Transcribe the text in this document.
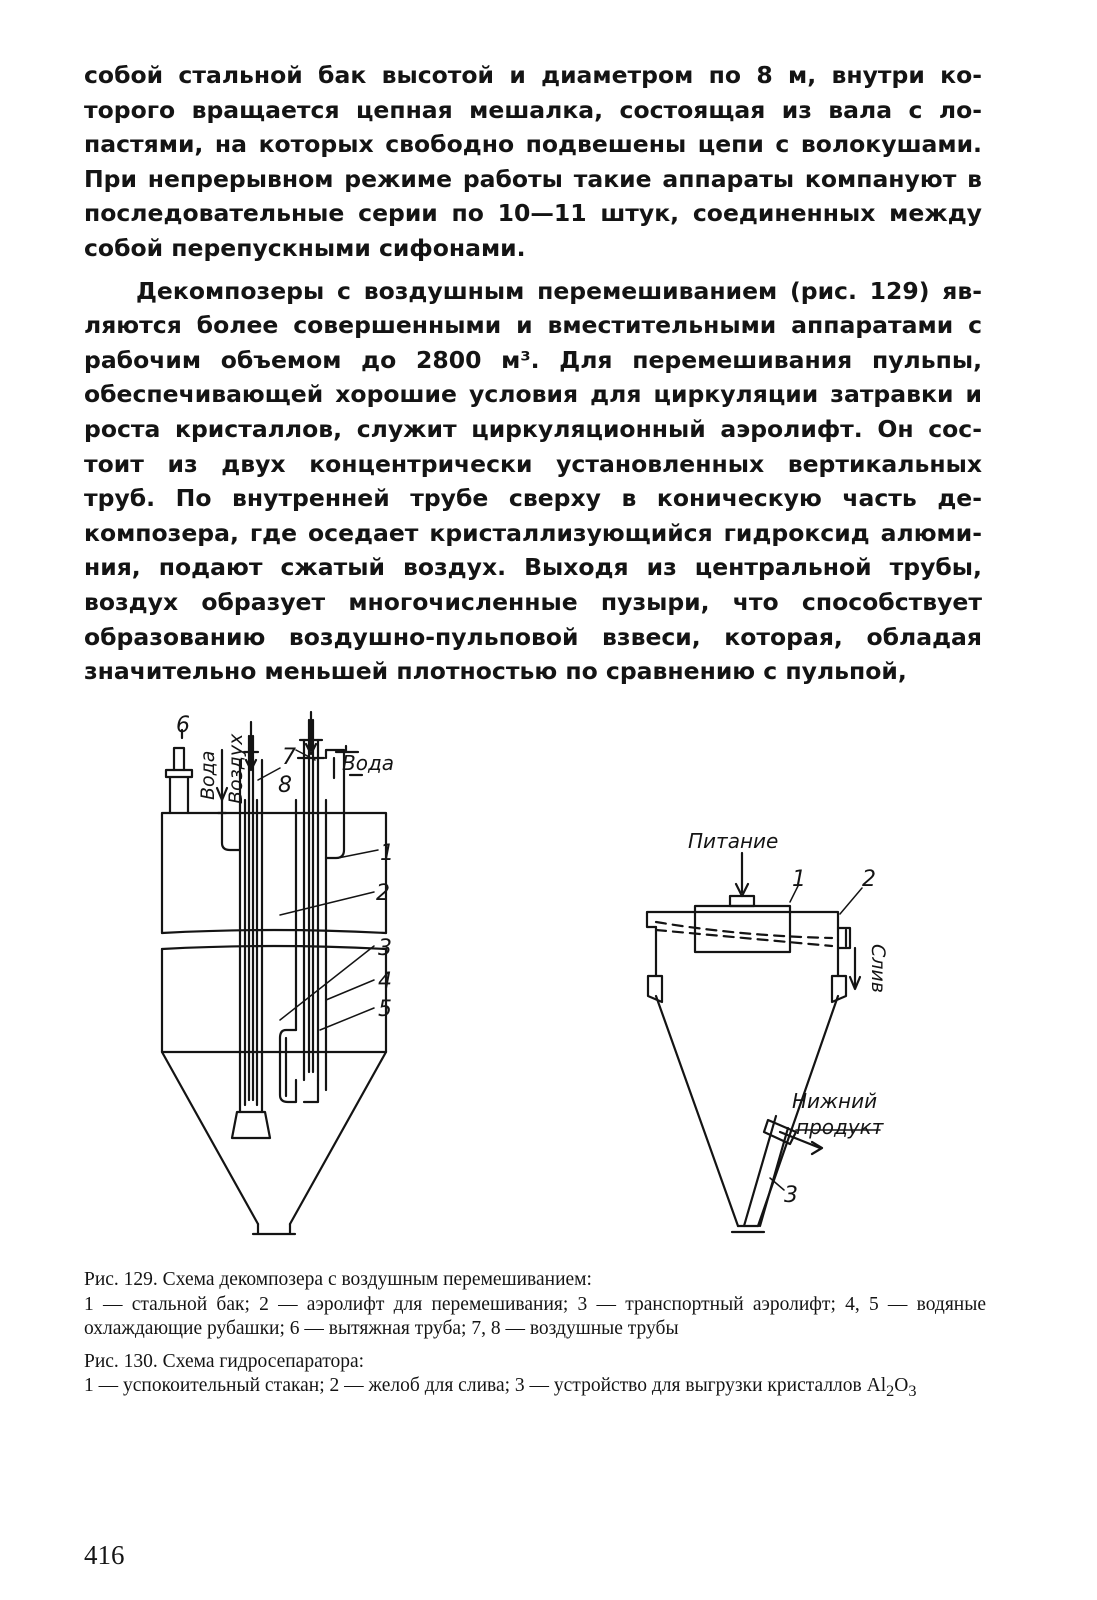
собой стальной бак высотой и диаметром по 8 м, внутри которого вращается цепная мешалка, состоящая из вала с лопастями, на которых свободно подвешены цепи с волокушами. При непрерывном режиме работы такие аппараты компануют в последовательные серии по 10—11 штук, соединенных между собой перепускными сифонами.

Декомпозеры с воздушным перемешиванием (рис. 129) являются более совершенными и вместительными аппаратами с рабочим объемом до 2800 м³. Для перемешивания пульпы, обеспечивающей хорошие условия для циркуляции затравки и роста кристаллов, служит циркуляционный аэролифт. Он состоит из двух концентрически установленных вертикальных труб. По внутренней трубе сверху в коническую часть декомпозера, где оседает кристаллизующийся гидроксид алюминия, подают сжатый воздух. Выходя из центральной трубы, воздух образует многочисленные пузыри, что способствует образованию воздушно-пульповой взвеси, которая, обладая значительно меньшей плотностью по сравнению с пульпой,

6
Вода Воздух 7
8
Вода
1
2
3
4
5
Питание
1	2
Слив
Нижний
продукт
3

Рис. 129. Схема декомпозера с воздушным перемешиванием:

1 — стальной бак; 2 — аэролифт для перемешивания; 3 — транспортный аэролифт; 4, 5 — водяные охлаждающие рубашки; 6 — вытяжная труба; 7, 8 — воздушные трубы

Рис. 130. Схема гидросепаратора:

1 — успокоительный стакан; 2 — желоб для слива; 3 — устройство для выгрузки кристаллов $Al_2O_3$

416
